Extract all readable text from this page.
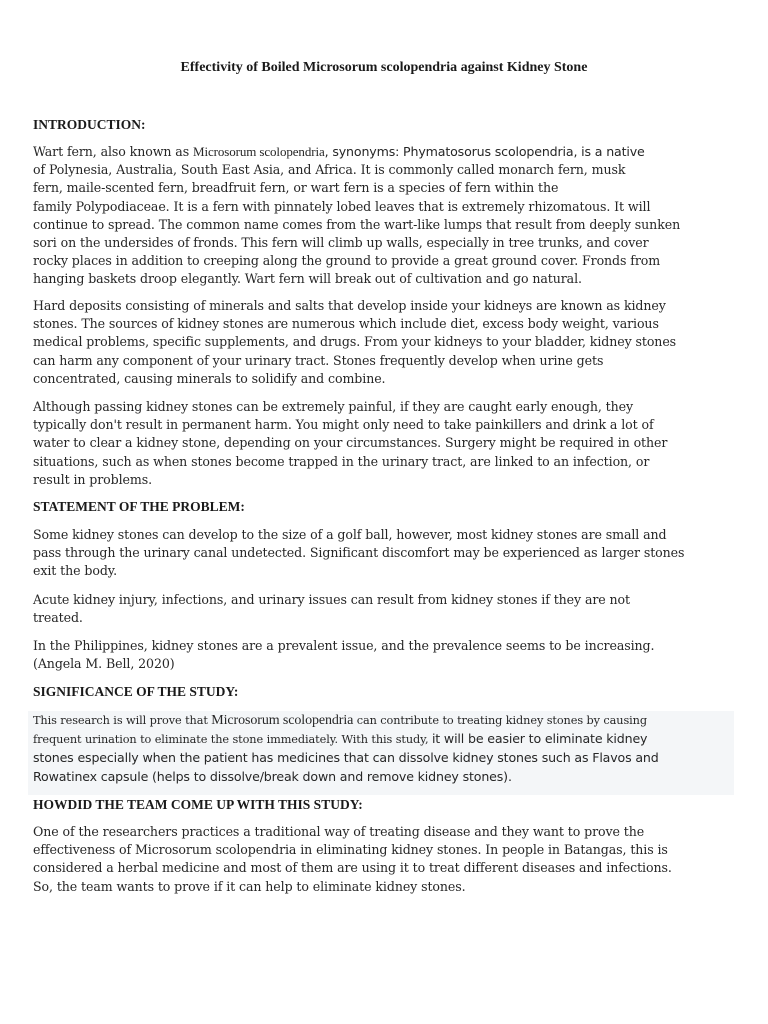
Effectivity of Boiled Microsorum scolopendria against Kidney Stone
INTRODUCTION:

Wart fern, also known as Microsorum scolopendria, synonyms: Phymatosorus scolopendria, is a native
of Polynesia, Australia, South East Asia, and Africa. It is commonly called monarch fern, musk
fern, maile-scented fern, breadfruit fern, or wart fern is a species of fern within the
family Polypodiaceae. It is a fern with pinnately lobed leaves that is extremely rhizomatous. It will
continue to spread. The common name comes from the wart-like lumps that result from deeply sunken
sori on the undersides of fronds. This fern will climb up walls, especially in tree trunks, and cover
rocky places in addition to creeping along the ground to provide a great ground cover. Fronds from
hanging baskets droop elegantly. Wart fern will break out of cultivation and go natural.

Hard deposits consisting of minerals and salts that develop inside your kidneys are known as kidney
stones. The sources of kidney stones are numerous which include diet, excess body weight, various
medical problems, specific supplements, and drugs. From your kidneys to your bladder, kidney stones
can harm any component of your urinary tract. Stones frequently develop when urine gets
concentrated, causing minerals to solidify and combine.

Although passing kidney stones can be extremely painful, if they are caught early enough, they
typically don't result in permanent harm. You might only need to take painkillers and drink a lot of
water to clear a kidney stone, depending on your circumstances. Surgery might be required in other
situations, such as when stones become trapped in the urinary tract, are linked to an infection, or
result in problems.

STATEMENT OF THE PROBLEM:

Some kidney stones can develop to the size of a golf ball, however, most kidney stones are small and
pass through the urinary canal undetected. Significant discomfort may be experienced as larger stones
exit the body.

Acute kidney injury, infections, and urinary issues can result from kidney stones if they are not
treated.

In the Philippines, kidney stones are a prevalent issue, and the prevalence seems to be increasing.
(Angela M. Bell, 2020)

SIGNIFICANCE OF THE STUDY:

This research is will prove that Microsorum scolopendria can contribute to treating kidney stones by causing
frequent urination to eliminate the stone immediately. With this study, it will be easier to eliminate kidney
stones especially when the patient has medicines that can dissolve kidney stones such as Flavos and
Rowatinex capsule (helps to dissolve/break down and remove kidney stones).

HOWDID THE TEAM COME UP WITH THIS STUDY:

One of the researchers practices a traditional way of treating disease and they want to prove the
effectiveness of Microsorum scolopendria in eliminating kidney stones. In people in Batangas, this is
considered a herbal medicine and most of them are using it to treat different diseases and infections.
So, the team wants to prove if it can help to eliminate kidney stones.
